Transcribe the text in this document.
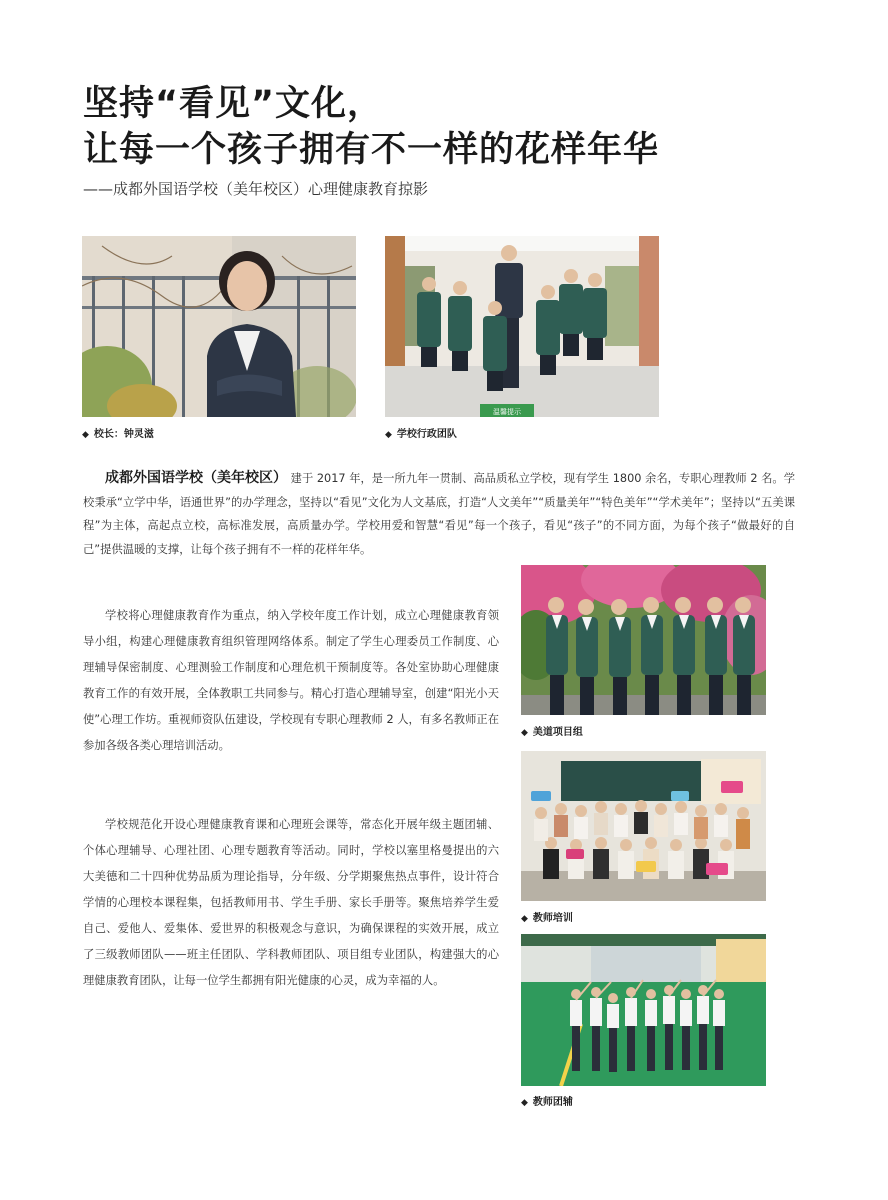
坚持“看见”文化，
让每一个孩子拥有不一样的花样年华
——成都外国语学校（美年校区）心理健康教育掠影
◆ 校长：钟灵滋
温馨提示
◆ 学校行政团队
成都外国语学校（美年校区） 建于 2017 年，是一所九年一贯制、高品质私立学校，现有学生 1800 余名，专职心理教师 2 名。学校秉承“立学中华，语通世界”的办学理念，坚持以“看见”文化为人文基底，打造“人文美年”“质量美年”“特色美年”“学术美年”；坚持以“五美课程”为主体，高起点立校，高标准发展，高质量办学。学校用爱和智慧“看见”每一个孩子，看见“孩子”的不同方面，为每个孩子“做最好的自己”提供温暖的支撑，让每个孩子拥有不一样的花样年华。

学校将心理健康教育作为重点，纳入学校年度工作计划，成立心理健康教育领导小组，构建心理健康教育组织管理网络体系。制定了学生心理委员工作制度、心理辅导保密制度、心理测验工作制度和心理危机干预制度等。各处室协助心理健康教育工作的有效开展，全体教职工共同参与。精心打造心理辅导室，创建“阳光小天使”心理工作坊。重视师资队伍建设，学校现有专职心理教师 2 人，有多名教师正在参加各级各类心理培训活动。

学校规范化开设心理健康教育课和心理班会课等，常态化开展年级主题团辅、个体心理辅导、心理社团、心理专题教育等活动。同时，学校以塞里格曼提出的六大美德和二十四种优势品质为理论指导，分年级、分学期聚焦热点事件，设计符合学情的心理校本课程集，包括教师用书、学生手册、家长手册等。聚焦培养学生爱自己、爱他人、爱集体、爱世界的积极观念与意识，为确保课程的实效开展，成立了三级教师团队——班主任团队、学科教师团队、项目组专业团队，构建强大的心理健康教育团队，让每一位学生都拥有阳光健康的心灵，成为幸福的人。

◆ 美道项目组
◆ 教师培训
◆ 教师团辅
